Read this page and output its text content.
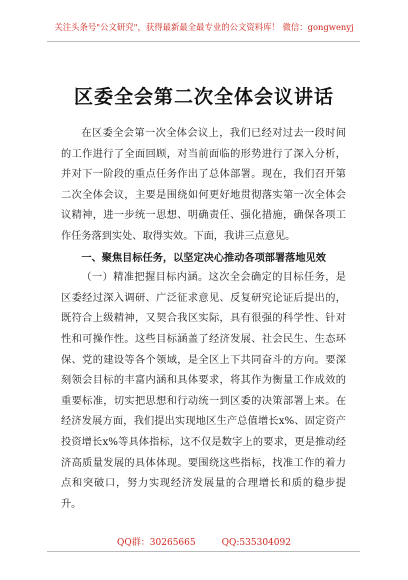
关注头条号"公文研究"，获得最新最全最专业的公文资料库！ 微信：gongwenyj
区委全会第二次全体会议讲话

在区委全会第一次全体会议上，我们已经对过去一段时间的工作进行了全面回顾，对当前面临的形势进行了深入分析，并对下一阶段的重点任务作出了总体部署。现在，我们召开第二次全体会议，主要是围绕如何更好地贯彻落实第一次全体会议精神，进一步统一思想、明确责任、强化措施，确保各项工作任务落到实处、取得实效。下面，我讲三点意见。

一、聚焦目标任务，以坚定决心推动各项部署落地见效

（一）精准把握目标内涵。这次全会确定的目标任务，是区委经过深入调研、广泛征求意见、反复研究论证后提出的，既符合上级精神，又契合我区实际，具有很强的科学性、针对性和可操作性。这些目标涵盖了经济发展、社会民生、生态环保、党的建设等各个领域，是全区上下共同奋斗的方向。要深刻领会目标的丰富内涵和具体要求，将其作为衡量工作成效的重要标准，切实把思想和行动统一到区委的决策部署上来。在经济发展方面，我们提出实现地区生产总值增长x%、固定资产投资增长x%等具体指标，这不仅是数字上的要求，更是推动经济高质量发展的具体体现。要围绕这些指标，找准工作的着力点和突破口，努力实现经济发展量的合理增长和质的稳步提升。

QQ群：30265665	QQ:535304092
